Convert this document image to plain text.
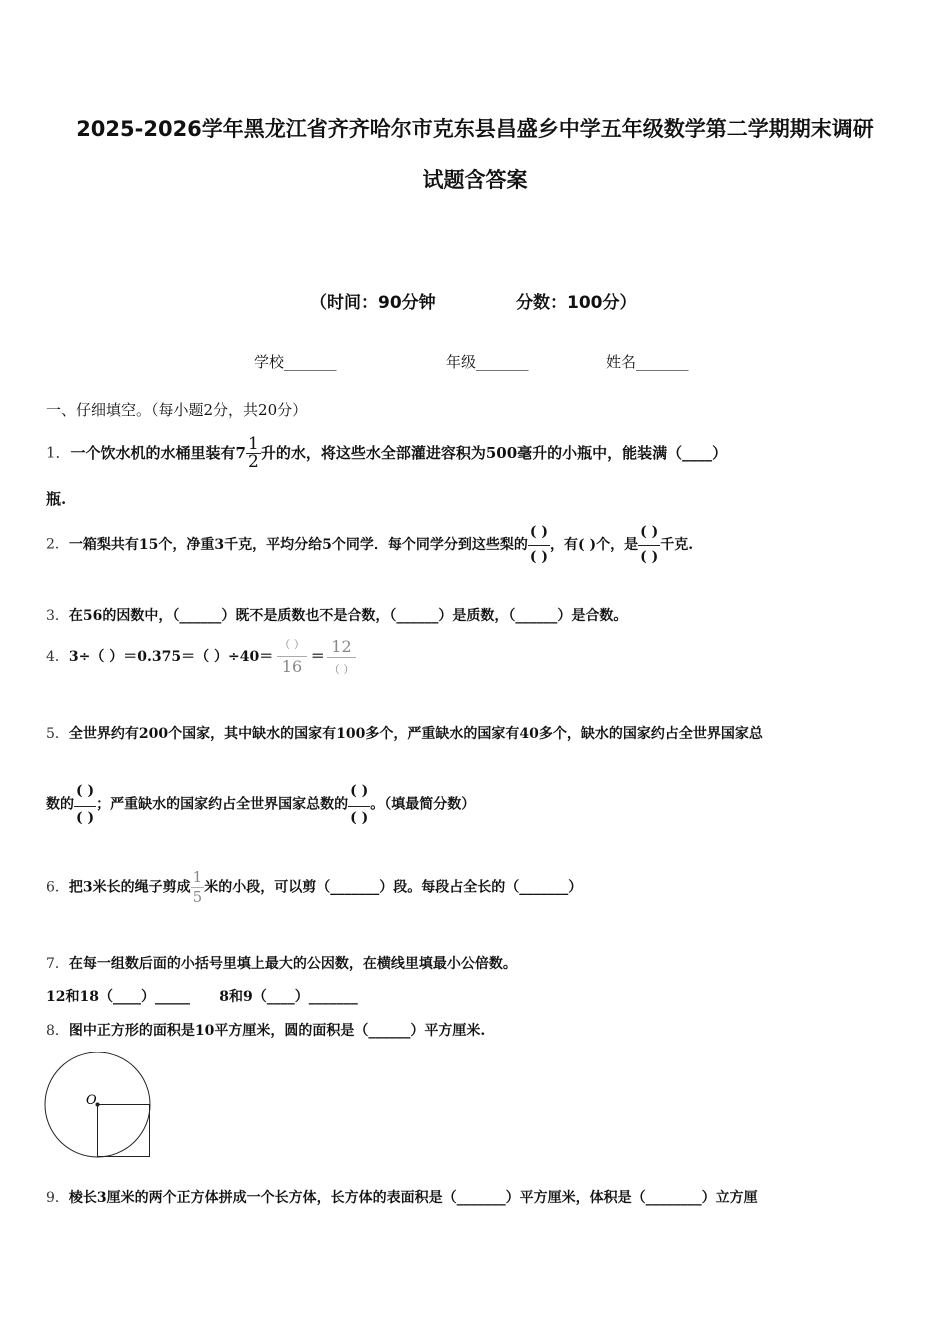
2025-2026学年黑龙江省齐齐哈尔市克东县昌盛乡中学五年级数学第二学期期末调研
试题含答案
（时间：90分钟	分数：100分）
学校_______	年级_______	姓名_______
一、仔细填空。（每小题2分，共20分）
1．一个饮水机的水桶里装有$7 \frac{1}{2}$ 升的水，将这些水全部灌进容积为500毫升的小瓶中，能装满（____）
瓶.
2．一箱梨共有15个，净重3千克，平均分给5个同学．每个同学分到这些梨的 $\frac{( )}{( )}$ ，有( )个，是 $\frac{( )}{( )}$ 千克.
3．在56的因数中，（______）既不是质数也不是合数，（______）是质数，（______）是合数。
4．3÷（ ）＝0.375＝（ ）$\div 40= \frac{( )}{16} = \frac{12}{( )}$
5．全世界约有200个国家，其中缺水的国家有100多个，严重缺水的国家有40多个，缺水的国家约占全世界国家总
数的 $\frac{( )}{( )}$ ；严重缺水的国家约占全世界国家总数的 $\frac{( )}{( )}$ 。（填最简分数）
6．把3米长的绳子剪成 $\frac{1}{5}$ 米的小段，可以剪（_______）段。每段占全长的（_______）
7．在每一组数后面的小括号里填上最大的公因数，在横线里填最小公倍数。
12和18（____）_____      8和9（____）_______
8．图中正方形的面积是10平方厘米，圆的面积是（______）平方厘米.
O
9．棱长3厘米的两个正方体拼成一个长方体，长方体的表面积是（_______）平方厘米，体积是（________）立方厘
